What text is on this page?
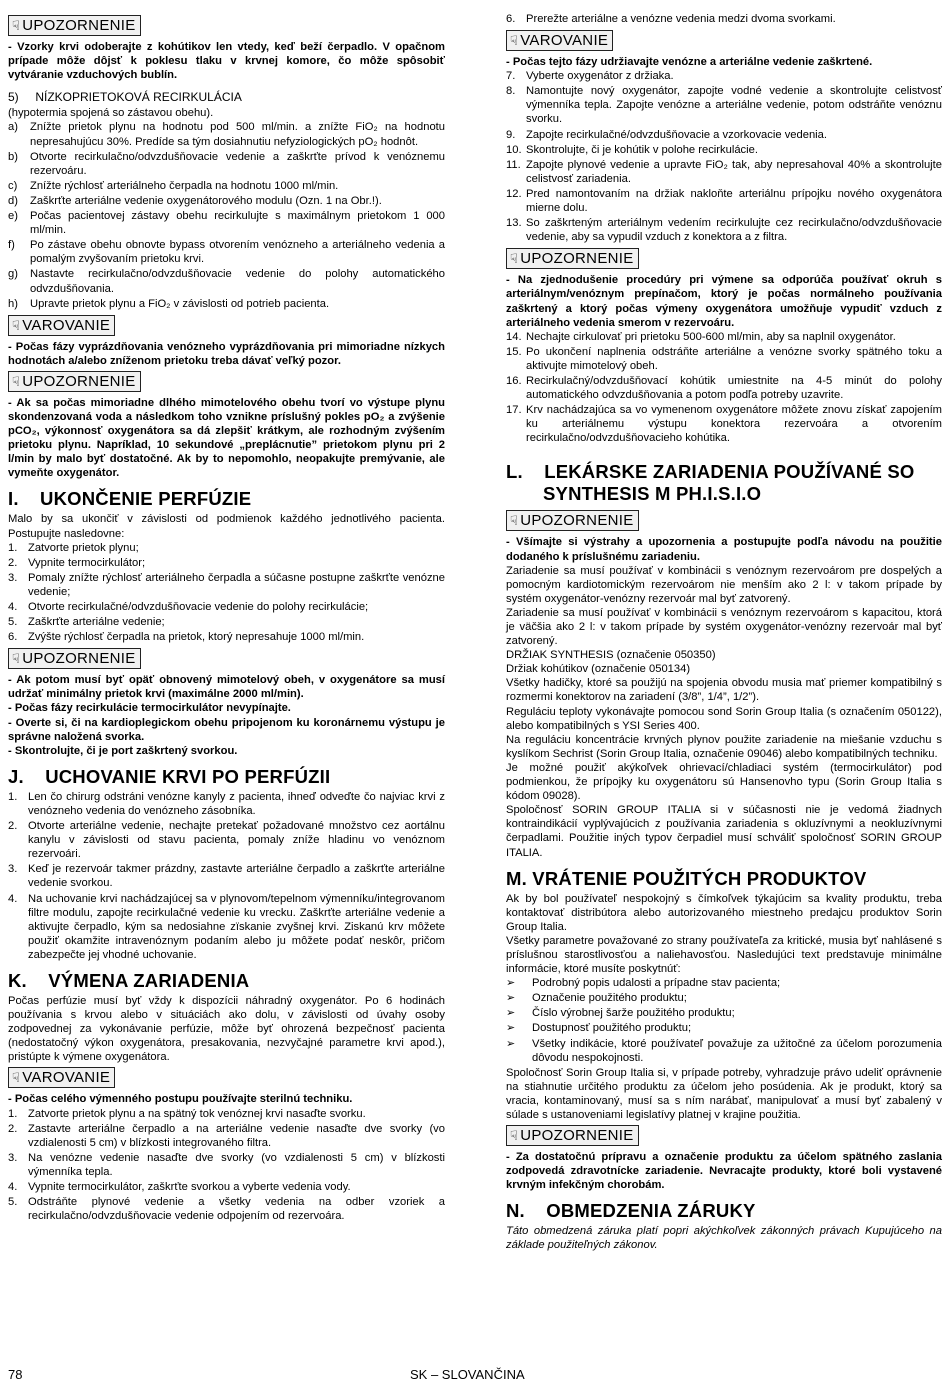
☟ UPOZORNENIE
- Vzorky krvi odoberajte z kohútikov len vtedy, keď beží čerpadlo. V opačnom prípade môže dôjsť k poklesu tlaku v krvnej komore, čo môže spôsobiť vytváranie vzduchových bublín.
5)     NÍZKOPRIETOKOVÁ RECIRKULÁCIA
(hypotermia spojená so zástavou obehu).
a)	Znížte prietok plynu na hodnotu pod 500 ml/min. a znížte FiO₂ na hodnotu nepresahujúcu 30%. Predíde sa tým dosiahnutiu nefyziologických pO₂ hodnôt.
b)	Otvorte recirkulačno/odvzdušňovacie vedenie a zaškrťte prívod k venóznemu rezervoáru.
c)	Znížte rýchlosť arteriálneho čerpadla na hodnotu 1000 ml/min.
d)	Zaškrťte arteriálne vedenie oxygenátorového modulu (Ozn. 1 na Obr.!).
e)	Počas pacientovej zástavy obehu recirkulujte s maximálnym prietokom 1 000 ml/min.
f)	Po zástave obehu obnovte bypass otvorením venózneho a arteriálneho vedenia a pomalým zvyšovaním prietoku krvi.
g)	Nastavte recirkulačno/odvzdušňovacie vedenie do polohy automatického odvzdušňovania.
h)	Upravte prietok plynu a FiO₂ v závislosti od potrieb pacienta.
☟ VAROVANIE
- Počas fázy vyprázdňovania venózneho vyprázdňovania pri mimoriadne nízkych hodnotách a/alebo zníženom prietoku treba dávať veľký pozor.
☟ UPOZORNENIE
- Ak sa počas mimoriadne dlhého mimotelového obehu tvorí vo výstupe plynu skondenzovaná voda a následkom toho vznikne príslušný pokles pO₂ a zvýšenie pCO₂, výkonnosť oxygenátora sa dá zlepšiť krátkym, ale rozhodným zvýšením prietoku plynu. Napríklad, 10 sekundové „preplácnutie” prietokom plynu pri 2 l/min by malo byť dostatočné. Ak by to nepomohlo, neopakujte premývanie, ale vymeňte oxygenátor.
I.    UKONČENIE PERFÚZIE
Malo by sa ukončiť v závislosti od podmienok každého jednotlivého pacienta. Postupujte nasledovne:
1. Zatvorte prietok plynu;
2. Vypnite termocirkulátor;
3. Pomaly znížte rýchlosť arteriálneho čerpadla a súčasne postupne zaškrťte venózne vedenie;
4. Otvorte recirkulačné/odvzdušňovacie vedenie do polohy recirkulácie;
5. Zaškrťte arteriálne vedenie;
6. Zvýšte rýchlosť čerpadla na prietok, ktorý nepresahuje 1000 ml/min.
☟ UPOZORNENIE
- Ak potom musí byť opäť obnovený mimotelový obeh, v oxygenátore sa musí udržať minimálny prietok krvi (maximálne 2000 ml/min).
- Počas fázy recirkulácie termocirkulátor nevypínajte.
- Overte si, či na kardioplegickom obehu pripojenom ku koronárnemu výstupu je správne naložená svorka.
- Skontrolujte, či je port zaškrtený svorkou.
J.    UCHOVANIE KRVI PO PERFÚZII
1. Len čo chirurg odstráni venózne kanyly z pacienta, ihneď odveďte čo najviac krvi z venózneho vedenia do venózneho zásobníka.
2. Otvorte arteriálne vedenie, nechajte pretekať požadované množstvo cez aortálnu kanylu v závislosti od stavu pacienta, pomaly zníže hladinu vo venóznom rezervoári.
3. Keď je rezervoár takmer prázdny, zastavte arteriálne čerpadlo a zaškrťte arteriálne vedenie svorkou.
4. Na uchovanie krvi nachádzajúcej sa v plynovom/tepelnom výmenníku/integrovanom filtre modulu, zapojte recirkulačné vedenie ku vrecku. Zaškrťte arteriálne vedenie a aktivujte čerpadlo, kým sa nedosiahne zïskanie zvyšnej krvi. Ziskanú krv môžete použiť okamžite intravenóznym podaním alebo ju môžete podať neskôr, pričom zabezpečte jej vhodné uchovanie.
K.    VÝMENA ZARIADENIA
Počas perfúzie musí byť vždy k dispozícii náhradný oxygenátor. Po 6 hodinách používania s krvou alebo v situáciách ako dolu, v závislosti od úvahy osoby zodpovednej za vykonávanie perfúzie, môže byť ohrozená bezpečnosť pacienta (nedostatočný výkon oxygenátora, presakovania, nezvyčajné parametre krvi apod.), pristúpte k výmene oxygenátora.
☟ VAROVANIE
- Počas celého výmenného postupu používajte sterilnú techniku.
1. Zatvorte prietok plynu a na spätný tok venóznej krvi nasaďte svorku.
2. Zastavte arteriálne čerpadlo a na arteriálne vedenie nasaďte dve svorky (vo vzdialenosti 5 cm) v blízkosti integrovaného filtra.
3. Na venózne vedenie nasaďte dve svorky (vo vzdialenosti 5 cm) v blízkosti výmenníka tepla.
4. Vypnite termocirkulátor, zaškrťte svorkou a vyberte vedenia vody.
5. Odstráňte plynové vedenie a všetky vedenia na odber vzoriek a recirkulačno/odvzdušňovacie vedenie odpojením od rezervoára.
6. Prerežte arteriálne a venózne vedenia medzi dvoma svorkami.
☟ VAROVANIE
- Počas tejto fázy udržiavajte venózne a arteriálne vedenie zaškrtené.
7. Vyberte oxygenátor z držiaka.
8. Namontujte nový oxygenátor, zapojte vodné vedenie a skontrolujte celistvosť výmenníka tepla. Zapojte venózne a arteriálne vedenie, potom odstráňte venóznu svorku.
9. Zapojte recirkulačné/odvzdušňovacie a vzorkovacie vedenia.
10. Skontrolujte, či je kohútik v polohe recirkulácie.
11. Zapojte plynové vedenie a upravte FiO₂ tak, aby nepresahoval 40% a skontrolujte celistvosť zariadenia.
12. Pred namontovaním na držiak nakloňte arteriálnu prípojku nového oxygenátora mierne dolu.
13. So zaškrteným arteriálnym vedením recirkulujte cez recirkulačno/odvzdušňovacie vedenie, aby sa vypudil vzduch z konektora a z filtra.
☟ UPOZORNENIE
- Na zjednodušenie procedúry pri výmene sa odporúča používať okruh s arteriálnym/venóznym prepínačom, ktorý je počas normálneho používania zaškrtený a ktorý počas výmeny oxygenátora umožňuje vypudiť vzduch z arteriálneho vedenia smerom v rezervoáru.
14. Nechajte cirkulovať pri prietoku 500-600 ml/min, aby sa naplnil oxygenátor.
15. Po ukončení naplnenia odstráňte arteriálne a venózne svorky spätného toku a aktivujte mimotelový obeh.
16. Recirkulačný/odvzdušňovací kohútik umiestnite na 4-5 minút do polohy automatického odvzdušňovania a potom podľa potreby uzavrite.
17. Krv nachádzajúca sa vo vymenenom oxygenátore môžete znovu získať zapojením ku arteriálnemu výstupu konektora rezervoára a otvorením recirkulačno/odvzdušňovacieho kohútika.
L.    LEKÁRSKE ZARIADENIA POUŽÍVANÉ SO
SYNTHESIS M PH.I.S.I.O
☟ UPOZORNENIE
- Všímajte si výstrahy a upozornenia a postupujte podľa návodu na použitie dodaného k príslušnému zariadeniu.
Zariadenie sa musí používať v kombinácii s venóznym rezervoárom pre dospelých a pomocným kardiotomickým rezervoárom nie menším ako 2 l: v takom prípade by systém oxygenátor-venózny rezervoár mal byť zatvorený.
Zariadenie sa musí používať v kombinácii s venóznym rezervoárom s kapacitou, ktorá je väčšia ako 2 l: v takom prípade by systém oxygenátor-venózny rezervoár mal byť zatvorený.
DRŽIAK SYNTHESIS (označenie 050350)
Držiak kohútikov (označenie 050134)
Všetky hadičky, ktoré sa použijú na spojenia obvodu musia mať priemer kompatibilný s rozmermi konektorov na zariadení (3/8”, 1/4”, 1/2”).
Reguláciu teploty vykonávajte pomocou sond Sorin Group Italia (s označením 050122), alebo kompatibilných s YSI Series 400.
Na reguláciu koncentrácie krvných plynov použite zariadenie na miešanie vzduchu s kyslíkom Sechrist (Sorin Group Italia, označenie 09046) alebo kompatibilných techniku.
Je možné použiť akýkoľvek ohrievací/chladiaci systém (termocirkulátor) pod podmienkou, že prípojky ku oxygenátoru sú Hansenovho typu (Sorin Group Italia s kódom 09028).
Spoločnosť SORIN GROUP ITALIA si v súčasnosti nie je vedomá žiadnych kontraindikácií vyplývajúcich z používania zariadenia s okluzívnymi a neokluzívnymi čerpadlami. Použitie iných typov čerpadiel musí schváliť spoločnosť SORIN GROUP ITALIA.
M. VRÁTENIE POUŽITÝCH PRODUKTOV
Ak by bol používateľ nespokojný s čímkoľvek týkajúcim sa kvality produktu, treba kontaktovať distribútora alebo autorizovaného miestneho predajcu produktov Sorin Group Italia.
Všetky parametre považované zo strany používateľa za kritické, musia byť nahlásené s príslušnou starostlivosťou a naliehavosťou. Nasledujúci text predstavuje minimálne informácie, ktoré musíte poskytnúť:
➢	Podrobný popis udalosti a prípadne stav pacienta;
➢	Označenie použitého produktu;
➢	Číslo výrobnej šarže použitého produktu;
➢	Dostupnosť použitého produktu;
➢	Všetky indikácie, ktoré používateľ považuje za užitočné za účelom porozumenia dôvodu nespokojnosti.
Spoločnosť Sorin Group Italia si, v prípade potreby, vyhradzuje právo udeliť oprávnenie na stiahnutie určitého produktu za účelom jeho posúdenia. Ak je produkt, ktorý sa vracia, kontaminovaný, musí sa s ním narábať, manipulovať a musí byť zabalený v súlade s ustanoveniami legislatívy platnej v krajine použitia.
☟ UPOZORNENIE
- Za dostatočnú prípravu a označenie produktu za účelom spätného zaslania zodpovedá zdravotnícke zariadenie. Nevracajte produkty, ktoré boli vystavené krvným infekčným chorobám.
N.    OBMEDZENIA ZÁRUKY
Táto obmedzená záruka platí popri akýchkoľvek zákonných právach Kupujúceho na základe použiteľných zákonov.
78	SK – SLOVANČINA
